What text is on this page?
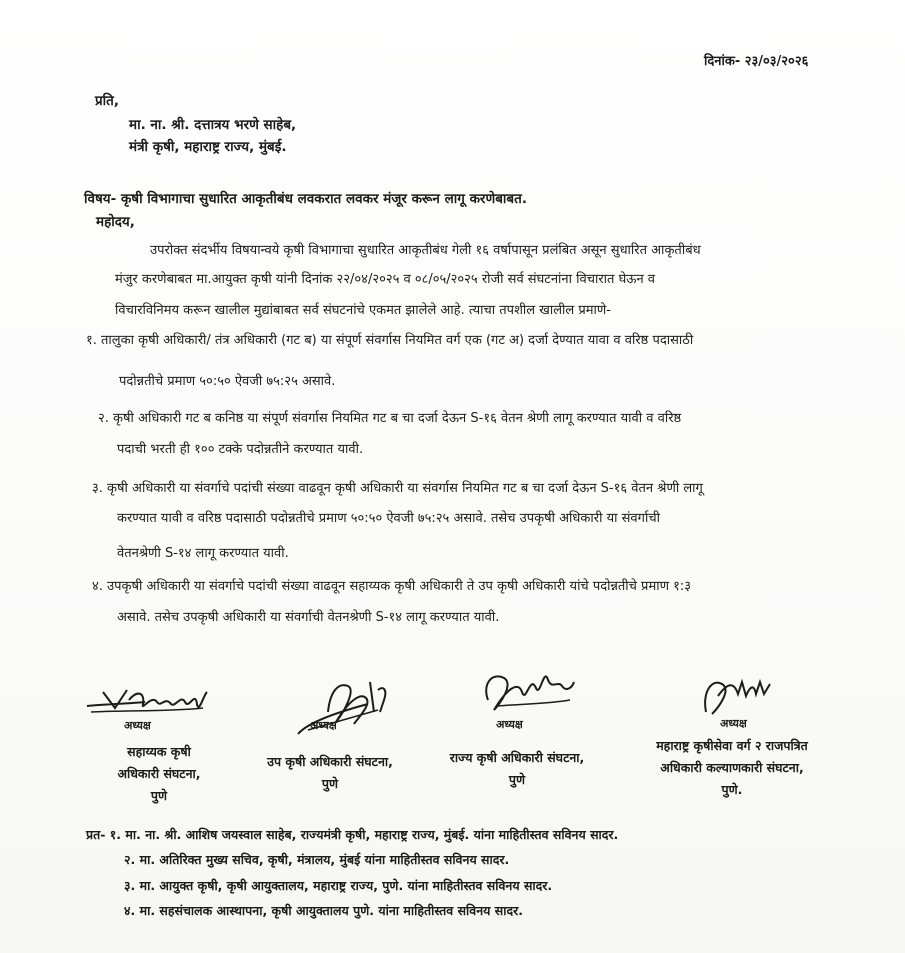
दिनांक- २३/०३/२०२६
प्रति,
मा. ना. श्री. दत्तात्रय भरणे साहेब,
मंत्री कृषी, महाराष्ट्र राज्य, मुंबई.
विषय- कृषी विभागाचा सुधारित आकृतीबंध लवकरात लवकर मंजूर करून लागू करणेबाबत.
महोदय,
उपरोक्त संदर्भीय विषयान्वये कृषी विभागाचा सुधारित आकृतीबंध गेली १६ वर्षापासून प्रलंबित असून सुधारित आकृतीबंध
मंजुर करणेबाबत मा.आयुक्त कृषी यांनी दिनांक २२/०४/२०२५ व ०८/०५/२०२५ रोजी सर्व संघटनांना विचारात घेऊन व
विचारविनिमय करून खालील मुद्यांबाबत सर्व संघटनांचे एकमत झालेले आहे. त्याचा तपशील खालील प्रमाणे-
१. तालुका कृषी अधिकारी/ तंत्र अधिकारी (गट ब) या संपूर्ण संवर्गास नियमित वर्ग एक (गट अ) दर्जा देण्यात यावा व वरिष्ठ पदासाठी
पदोन्नतीचे प्रमाण ५०:५० ऐवजी ७५:२५ असावे.
२. कृषी अधिकारी गट ब कनिष्ठ या संपूर्ण संवर्गास नियमित गट ब चा दर्जा देऊन S-१६ वेतन श्रेणी लागू करण्यात यावी व वरिष्ठ
पदाची भरती ही १०० टक्के पदोन्नतीने करण्यात यावी.
३. कृषी अधिकारी या संवर्गाचे पदांची संख्या वाढवून कृषी अधिकारी या संवर्गास नियमित गट ब चा दर्जा देऊन S-१६ वेतन श्रेणी लागू
करण्यात यावी व वरिष्ठ पदासाठी पदोन्नतीचे प्रमाण ५०:५० ऐवजी ७५:२५ असावे. तसेच उपकृषी अधिकारी या संवर्गाची
वेतनश्रेणी S-१४ लागू करण्यात यावी.
४. उपकृषी अधिकारी या संवर्गाचे पदांची संख्या वाढवून सहाय्यक कृषी अधिकारी ते उप कृषी अधिकारी यांचे पदोन्नतीचे प्रमाण १:३
असावे. तसेच उपकृषी अधिकारी या संवर्गाची वेतनश्रेणी S-१४ लागू करण्यात यावी.
अध्यक्ष
सहाय्यक कृषी
अधिकारी संघटना,
पुणे
अध्यक्ष
उप कृषी अधिकारी संघटना,
पुणे
अध्यक्ष
राज्य कृषी अधिकारी संघटना,
पुणे
अध्यक्ष
महाराष्ट्र कृषीसेवा वर्ग २ राजपत्रित
अधिकारी कल्याणकारी संघटना,
पुणे.
प्रत- १. मा. ना. श्री. आशिष जयस्वाल साहेब, राज्यमंत्री कृषी, महाराष्ट्र राज्य, मुंबई. यांना माहितीस्तव सविनय सादर.
२. मा. अतिरिक्त मुख्य सचिव, कृषी, मंत्रालय, मुंबई यांना माहितीस्तव सविनय सादर.
३. मा. आयुक्त कृषी, कृषी आयुक्तालय, महाराष्ट्र राज्य, पुणे. यांना माहितीस्तव सविनय सादर.
४. मा. सहसंचालक आस्थापना, कृषी आयुक्तालय पुणे. यांना माहितीस्तव सविनय सादर.
